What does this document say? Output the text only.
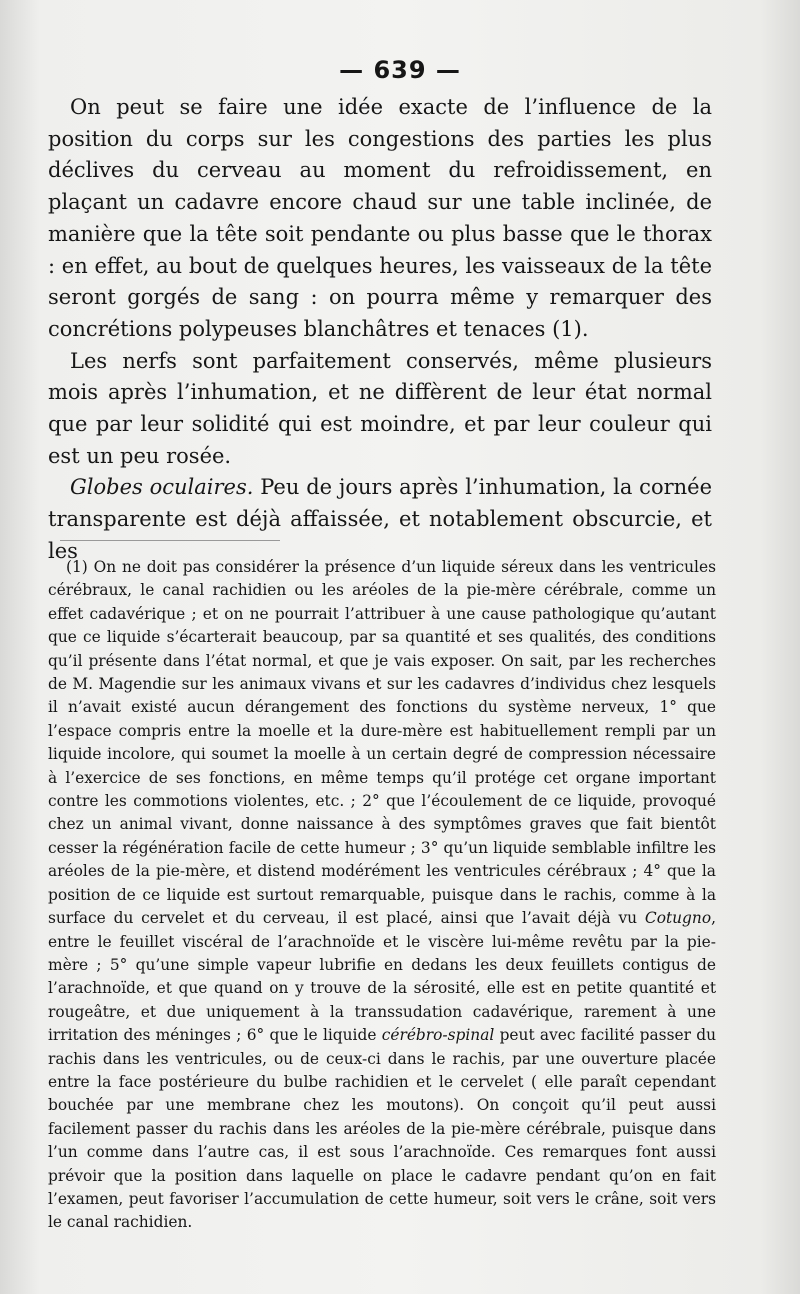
— 639 —

On peut se faire une idée exacte de l’influence de la position du corps sur les congestions des parties les plus déclives du cerveau au moment du refroidissement, en plaçant un cadavre encore chaud sur une table inclinée, de manière que la tête soit pendante ou plus basse que le thorax : en effet, au bout de quelques heures, les vaisseaux de la tête seront gorgés de sang : on pourra même y remarquer des concrétions polypeuses blanchâtres et tenaces (1).

Les nerfs sont parfaitement conservés, même plusieurs mois après l’inhumation, et ne diffèrent de leur état normal que par leur solidité qui est moindre, et par leur couleur qui est un peu rosée.

Globes oculaires. Peu de jours après l’inhumation, la cornée transparente est déjà affaissée, et notablement obscurcie, et les

(1) On ne doit pas considérer la présence d’un liquide séreux dans les ventricules cérébraux, le canal rachidien ou les aréoles de la pie-mère cérébrale, comme un effet cadavérique ; et on ne pourrait l’attribuer à une cause pathologique qu’autant que ce liquide s’écarterait beaucoup, par sa quantité et ses qualités, des conditions qu’il présente dans l’état normal, et que je vais exposer. On sait, par les recherches de M. Magendie sur les animaux vivans et sur les cadavres d’individus chez lesquels il n’avait existé aucun dérangement des fonctions du système nerveux, 1° que l’espace compris entre la moelle et la dure-mère est habituellement rempli par un liquide incolore, qui soumet la moelle à un certain degré de compression nécessaire à l’exercice de ses fonctions, en même temps qu’il protége cet organe important contre les commotions violentes, etc. ; 2° que l’écoulement de ce liquide, provoqué chez un animal vivant, donne naissance à des symptômes graves que fait bientôt cesser la régénération facile de cette humeur ; 3° qu’un liquide semblable infiltre les aréoles de la pie-mère, et distend modérément les ventricules cérébraux ; 4° que la position de ce liquide est surtout remarquable, puisque dans le rachis, comme à la surface du cervelet et du cerveau, il est placé, ainsi que l’avait déjà vu Cotugno, entre le feuillet viscéral de l’arachnoïde et le viscère lui-même revêtu par la pie-mère ; 5° qu’une simple vapeur lubrifie en dedans les deux feuillets contigus de l’arachnoïde, et que quand on y trouve de la sérosité, elle est en petite quantité et rougeâtre, et due uniquement à la transsudation cadavérique, rarement à une irritation des méninges ; 6° que le liquide cérébro-spinal peut avec facilité passer du rachis dans les ventricules, ou de ceux-ci dans le rachis, par une ouverture placée entre la face postérieure du bulbe rachidien et le cervelet ( elle paraît cependant bouchée par une membrane chez les moutons). On conçoit qu’il peut aussi facilement passer du rachis dans les aréoles de la pie-mère cérébrale, puisque dans l’un comme dans l’autre cas, il est sous l’arachnoïde. Ces remarques font aussi prévoir que la position dans laquelle on place le cadavre pendant qu’on en fait l’examen, peut favoriser l’accumulation de cette humeur, soit vers le crâne, soit vers le canal rachidien.
